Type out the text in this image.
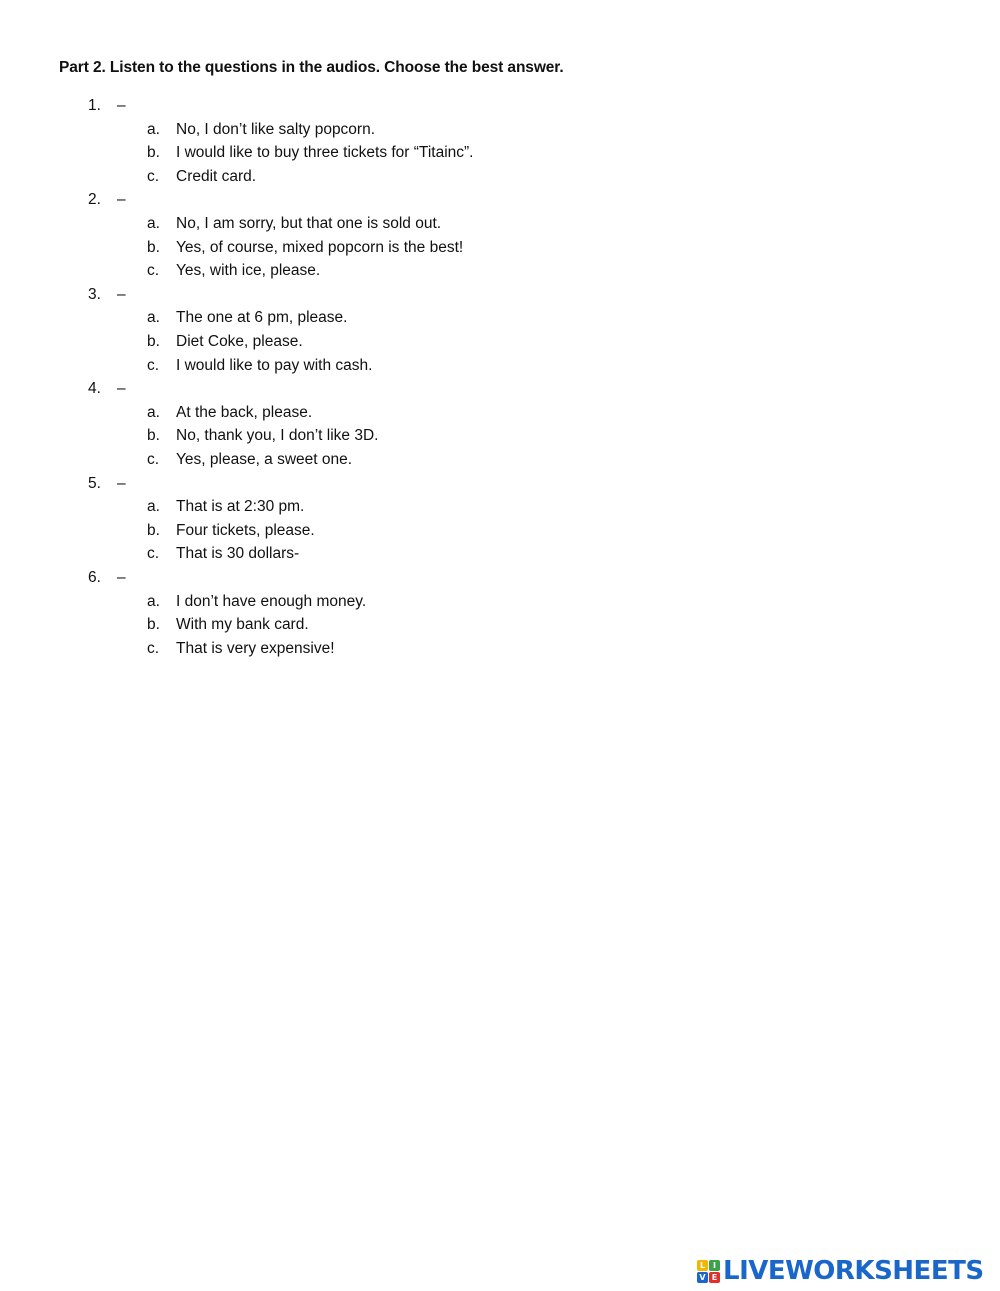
Part 2. Listen to the questions in the audios. Choose the best answer.
1. –
a. No, I don’t like salty popcorn.
b. I would like to buy three tickets for “Titainc”.
c. Credit card.
2. –
a. No, I am sorry, but that one is sold out.
b. Yes, of course, mixed popcorn is the best!
c. Yes, with ice, please.
3. –
a. The one at 6 pm, please.
b. Diet Coke, please.
c. I would like to pay with cash.
4. –
a. At the back, please.
b. No, thank you, I don’t like 3D.
c. Yes, please, a sweet one.
5. –
a. That is at 2:30 pm.
b. Four tickets, please.
c. That is 30 dollars-
6. –
a. I don’t have enough money.
b. With my bank card.
c. That is very expensive!
L I
V E LIVEWORKSHEETS
